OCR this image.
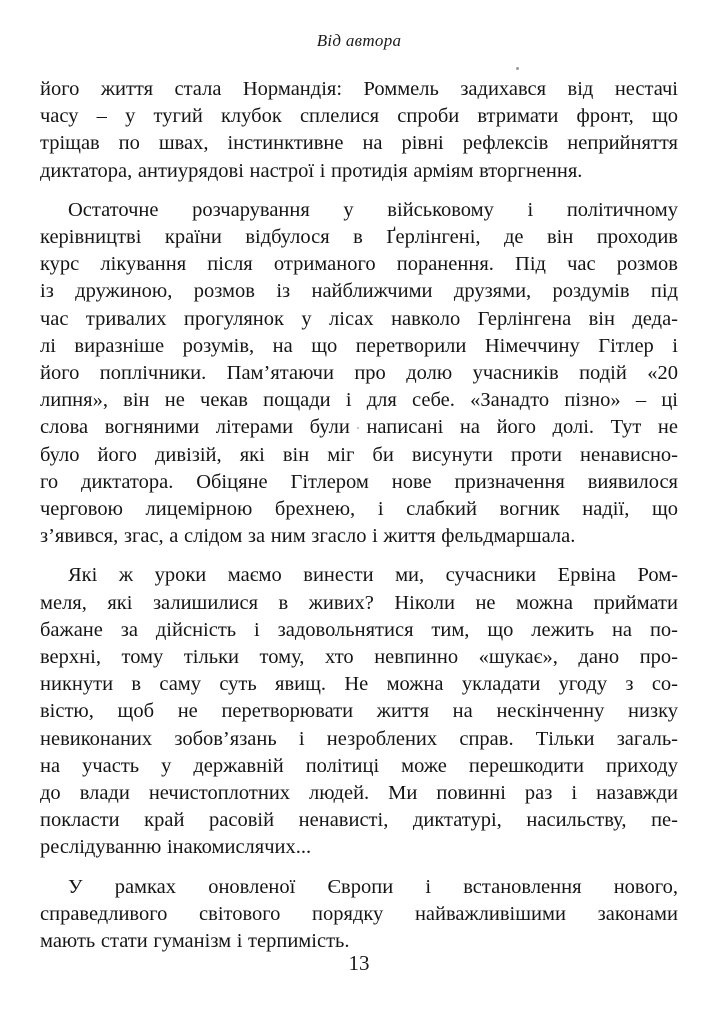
Від автора
його життя стала Нормандія: Роммель задихався від нестачі
часу – у тугий клубок сплелися спроби втримати фронт, що
тріщав по швах, інстинктивне на рівні рефлексів неприйняття
диктатора, антиурядові настрої і протидія арміям вторгнення.
Остаточне розчарування у військовому і політичному
керівництві країни відбулося в Ґерлінгені, де він проходив
курс лікування після отриманого поранення. Під час розмов
із дружиною, розмов із найближчими друзями, роздумів під
час тривалих прогулянок у лісах навколо Герлінгена він деда-
лі виразніше розумів, на що перетворили Німеччину Гітлер і
його поплічники. Пам’ятаючи про долю учасників подій «20
липня», він не чекав пощади і для себе. «Занадто пізно» – ці
слова вогняними літерами були написані на його долі. Тут не
було його дивізій, які він міг би висунути проти ненависно-
го диктатора. Обіцяне Гітлером нове призначення виявилося
черговою лицемірною брехнею, і слабкий вогник надії, що
з’явився, згас, а слідом за ним згасло і життя фельдмаршала.
Які ж уроки маємо винести ми, сучасники Ервіна Ром-
меля, які залишилися в живих? Ніколи не можна приймати
бажане за дійсність і задовольнятися тим, що лежить на по-
верхні, тому тільки тому, хто невпинно «шукає», дано про-
никнути в саму суть явищ. Не можна укладати угоду з со-
вістю, щоб не перетворювати життя на нескінченну низку
невиконаних зобов’язань і незроблених справ. Тільки загаль-
на участь у державній політиці може перешкодити приходу
до влади нечистоплотних людей. Ми повинні раз і назавжди
покласти край расовій ненависті, диктатурі, насильству, пе-
реслідуванню інакомислячих...
У рамках оновленої Європи і встановлення нового,
справедливого світового порядку найважливішими законами
мають стати гуманізм і терпимість.
13
